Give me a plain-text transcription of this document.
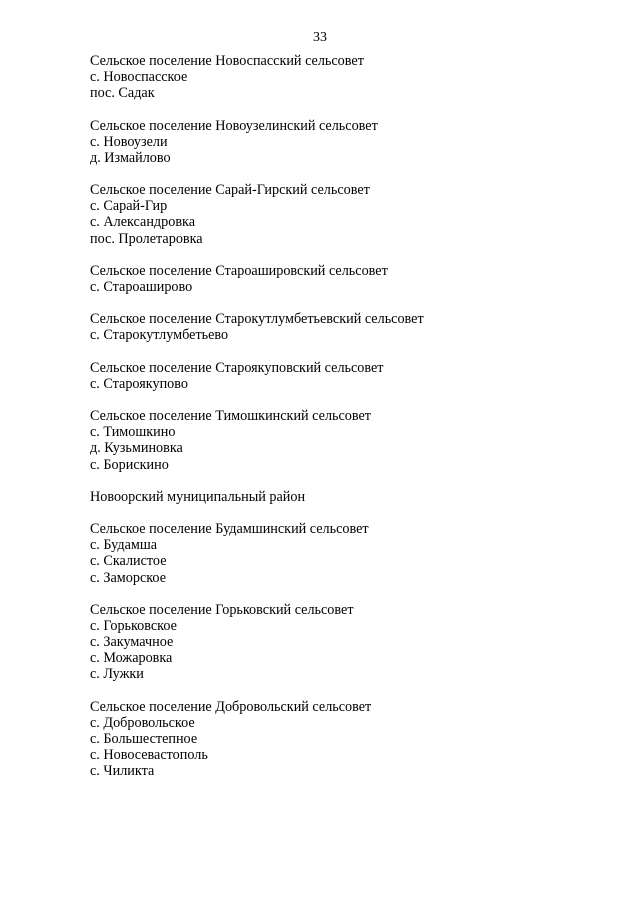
33
Сельское поселение Новоспасский сельсовет
с. Новоспасское
пос. Садак
Сельское поселение Новоузелинский сельсовет
с. Новоузели
д. Измайлово
Сельское поселение Сарай-Гирский сельсовет
с. Сарай-Гир
с. Александровка
пос. Пролетаровка
Сельское поселение Староашировский сельсовет
с. Староаширово
Сельское поселение Старокутлумбетьевский сельсовет
с. Старокутлумбетьево
Сельское поселение Староякуповский сельсовет
с. Староякупово
Сельское поселение Тимошкинский сельсовет
с. Тимошкино
д. Кузьминовка
с. Борискино
Новоорский муниципальный район
Сельское поселение Будамшинский сельсовет
с. Будамша
с. Скалистое
с. Заморское
Сельское поселение Горьковский сельсовет
с. Горьковское
с. Закумачное
с. Можаровка
с. Лужки
Сельское поселение Добровольский сельсовет
с. Добровольское
с. Большестепное
с. Новосевастополь
с. Чиликта
